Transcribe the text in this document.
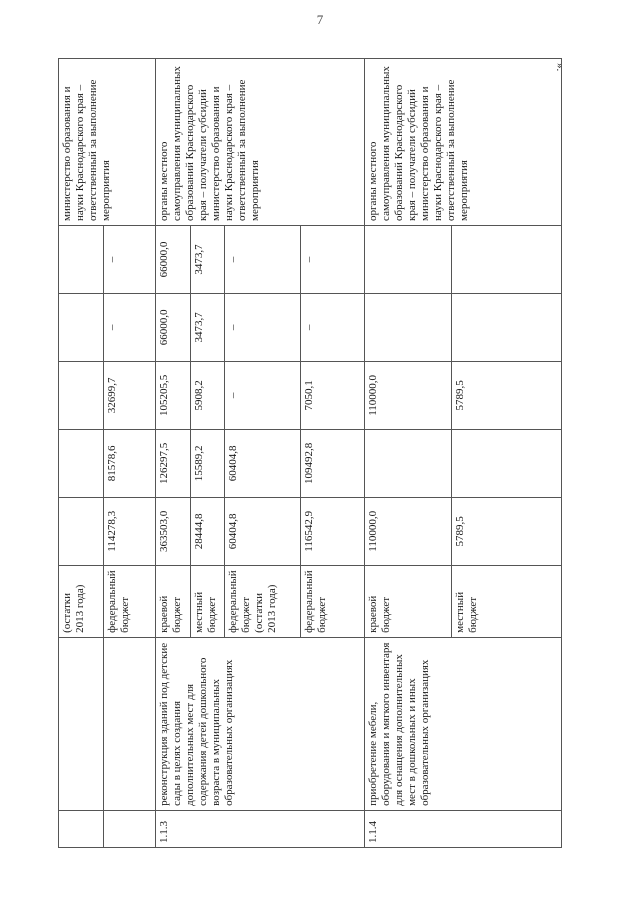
7
».
		(остатки 2013 года)						министерство образования и науки Краснодарского края – ответственный за выполнение мероприятия
		федеральный бюджет	114278,3	81578,6	32699,7	–	–	
1.1.3	реконструкция зданий под детские сады в целях создания дополнительных мест для содержания детей дошкольного возраста в муниципальных образовательных организациях	краевой бюджет	363503,0	126297,5	105205,5	66000,0	66000,0	органы местного самоуправления муниципальных образований Краснодарского края – получатели субсидий министерство образования и науки Краснодарского края – ответственный за выполнение мероприятия
		местный бюджет	28444,8	15589,2	5908,2	3473,7	3473,7	
		федеральный бюджет (остатки 2013 года)	60404,8	60404,8	–	–	–	
		федеральный бюджет	116542,9	109492,8	7050,1	–	–	
1.1.4	приобретение мебели, оборудования и мягкого инвентаря для оснащения дополнительных мест в дошкольных и иных образовательных организациях	краевой бюджет	110000,0		110000,0			органы местного самоуправления муниципальных образований Краснодарского края – получатели субсидий министерство образования и науки Краснодарского края – ответственный за выполнение мероприятия
		местный бюджет	5789,5		5789,5			
